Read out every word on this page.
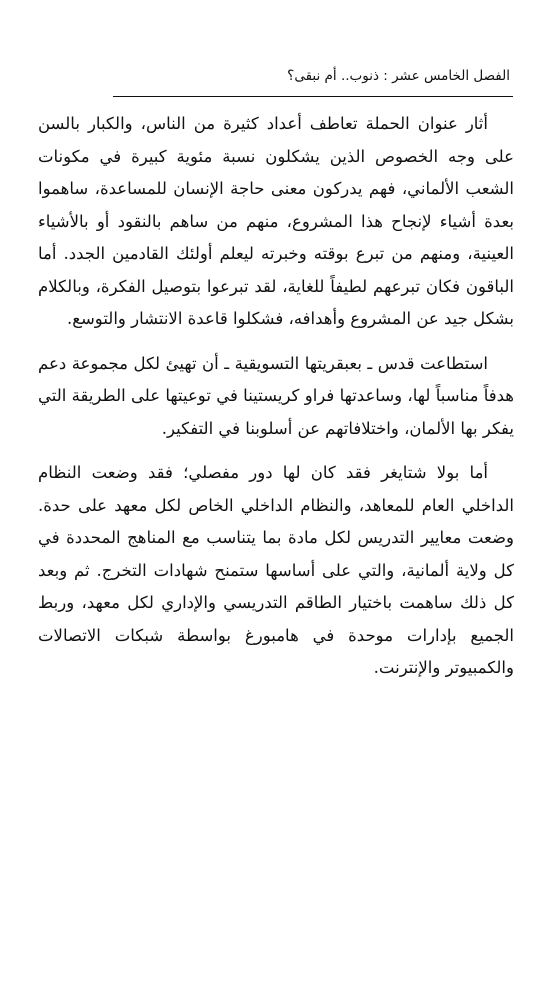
الفصل الخامس عشر : ذنوب.. أم نبقى؟

أثار عنوان الحملة تعاطف أعداد كثيرة من الناس، والكبار بالسن على وجه الخصوص الذين يشكلون نسبة مئوية كبيرة في مكونات الشعب الألماني، فهم يدركون معنى حاجة الإنسان للمساعدة، ساهموا بعدة أشياء لإنجاح هذا المشروع، منهم من ساهم بالنقود أو بالأشياء العينية، ومنهم من تبرع بوقته وخبرته ليعلم أولئك القادمين الجدد. أما الباقون فكان تبرعهم لطيفاً للغاية، لقد تبرعوا بتوصيل الفكرة، وبالكلام بشكل جيد عن المشروع وأهدافه، فشكلوا قاعدة الانتشار والتوسع.

استطاعت قدس ـ بعبقريتها التسويقية ـ أن تهيئ لكل مجموعة دعم هدفاً مناسباً لها، وساعدتها فراو كريستينا في توعيتها على الطريقة التي يفكر بها الألمان، واختلافاتهم عن أسلوبنا في التفكير.

أما بولا شتايغر فقد كان لها دور مفصلي؛ فقد وضعت النظام الداخلي العام للمعاهد، والنظام الداخلي الخاص لكل معهد على حدة. وضعت معايير التدريس لكل مادة بما يتناسب مع المناهج المحددة في كل ولاية ألمانية، والتي على أساسها ستمنح شهادات التخرج. ثم وبعد كل ذلك ساهمت باختيار الطاقم التدريسي والإداري لكل معهد، وربط الجميع بإدارات موحدة في هامبورغ بواسطة شبكات الاتصالات والكمبيوتر والإنترنت.
